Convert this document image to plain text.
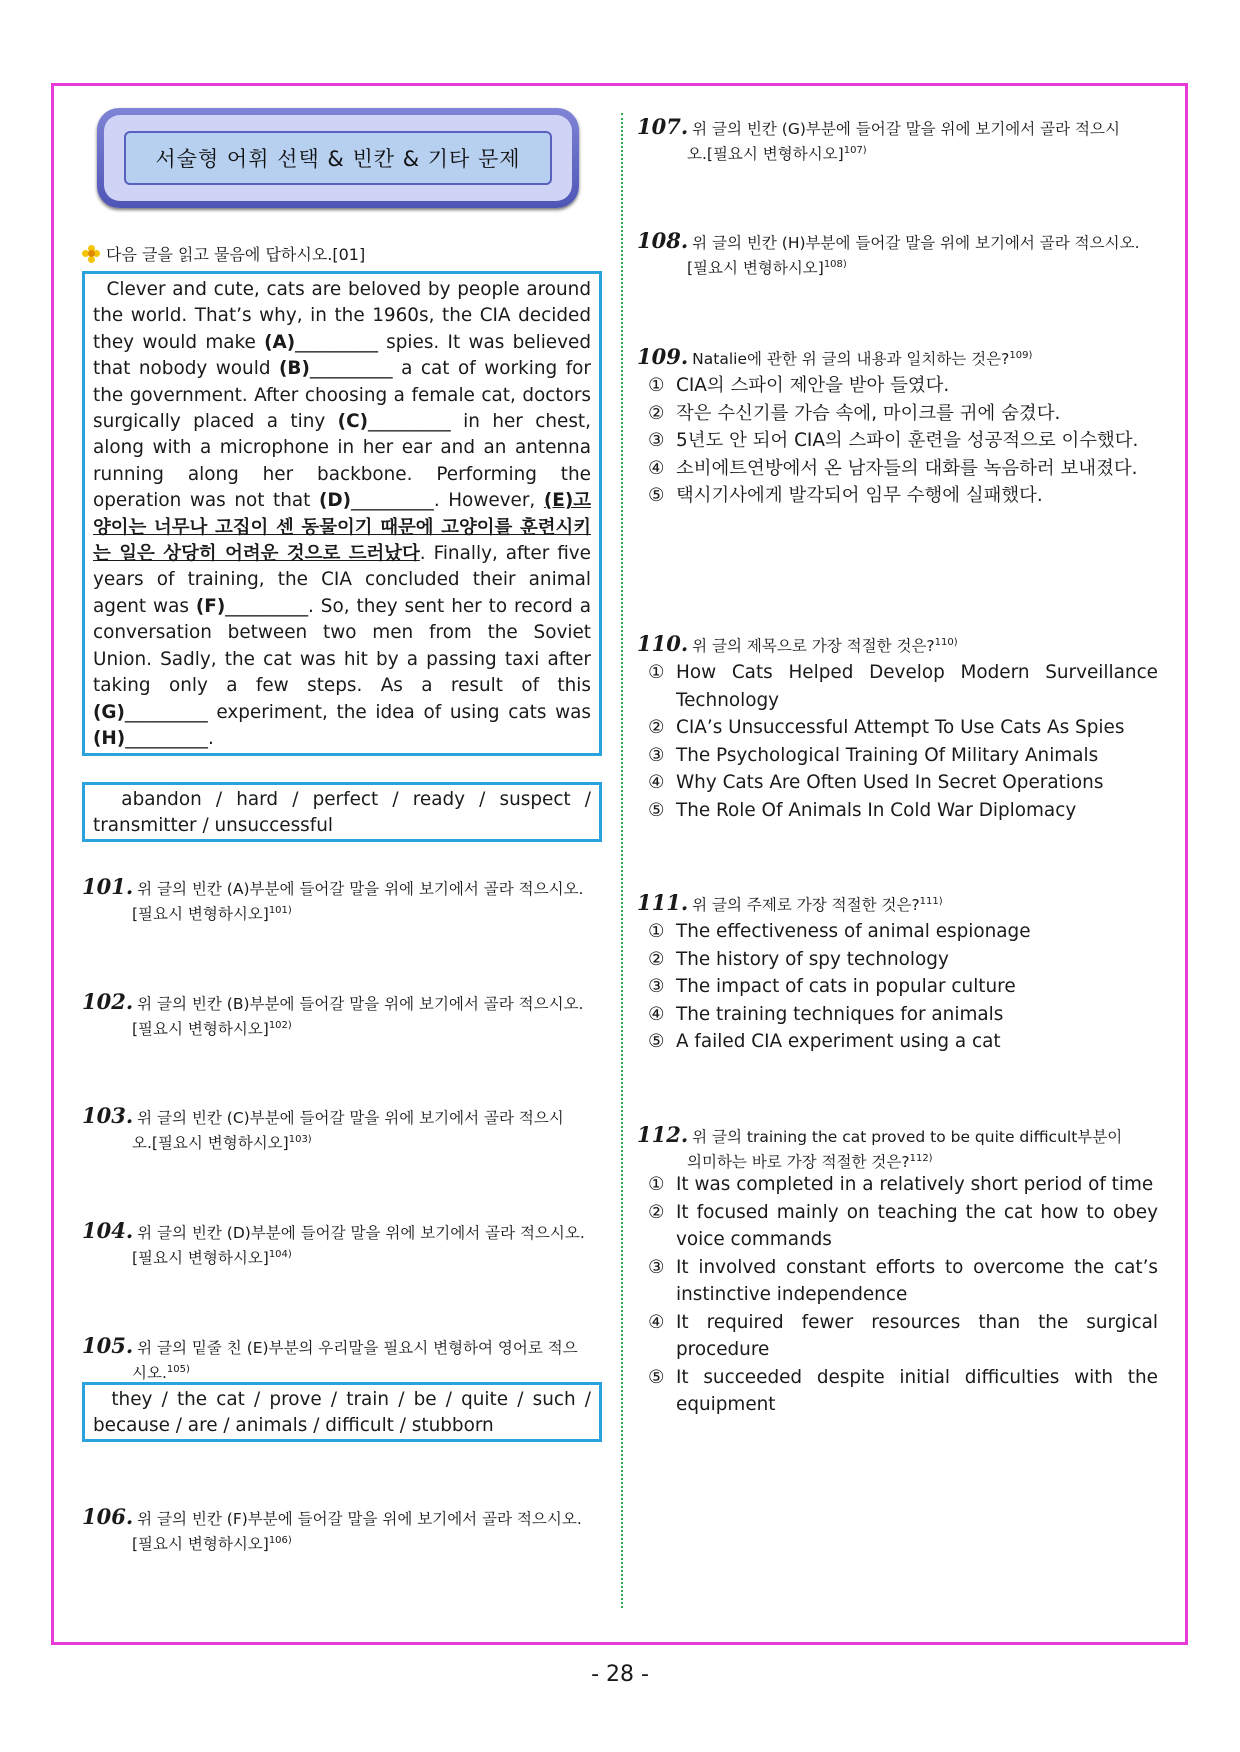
서술형 어휘 선택 & 빈칸 & 기타 문제
다음 글을 읽고 물음에 답하시오.[01]
Clever and cute, cats are beloved by people around the world. That’s why, in the 1960s, the CIA decided they would make (A)_________ spies. It was believed that nobody would (B)_________ a cat of working for the government. After choosing a female cat, doctors surgically placed a tiny (C)_________ in her chest, along with a microphone in her ear and an antenna running along her backbone. Performing the operation was not that (D)_________. However, (E)고양이는 너무나 고집이 센 동물이기 때문에 고양이를 훈련시키는 일은 상당히 어려운 것으로 드러났다. Finally, after five years of training, the CIA concluded their animal agent was (F)_________. So, they sent her to record a conversation between two men from the Soviet Union. Sadly, the cat was hit by a passing taxi after taking only a few steps. As a result of this (G)_________ experiment, the idea of using cats was (H)_________.
abandon / hard / perfect / ready / suspect / transmitter / unsuccessful
101. 위 글의 빈칸 (A)부분에 들어갈 말을 위에 보기에서 골라 적으시오.
[필요시 변형하시오]$^{101)}$
102. 위 글의 빈칸 (B)부분에 들어갈 말을 위에 보기에서 골라 적으시오.
[필요시 변형하시오]$^{102)}$
103. 위 글의 빈칸 (C)부분에 들어갈 말을 위에 보기에서 골라 적으시
오.[필요시 변형하시오]$^{103)}$
104. 위 글의 빈칸 (D)부분에 들어갈 말을 위에 보기에서 골라 적으시오.
[필요시 변형하시오]$^{104)}$
105. 위 글의 밑줄 친 (E)부분의 우리말을 필요시 변형하여 영어로 적으
시오.$^{105)}$
they / the cat / prove / train / be / quite / such / because / are / animals / difficult / stubborn
106. 위 글의 빈칸 (F)부분에 들어갈 말을 위에 보기에서 골라 적으시오.
[필요시 변형하시오]$^{106)}$
107. 위 글의 빈칸 (G)부분에 들어갈 말을 위에 보기에서 골라 적으시
오.[필요시 변형하시오]$^{107)}$
108. 위 글의 빈칸 (H)부분에 들어갈 말을 위에 보기에서 골라 적으시오.
[필요시 변형하시오]$^{108)}$
109. Natalie에 관한 위 글의 내용과 일치하는 것은?$^{109)}$
① CIA의 스파이 제안을 받아 들였다.
② 작은 수신기를 가슴 속에, 마이크를 귀에 숨겼다.
③ 5년도 안 되어 CIA의 스파이 훈련을 성공적으로 이수했다.
④ 소비에트연방에서 온 남자들의 대화를 녹음하러 보내졌다.
⑤ 택시기사에게 발각되어 임무 수행에 실패했다.
110. 위 글의 제목으로 가장 적절한 것은?$^{110)}$
① How Cats Helped Develop Modern Surveillance Technology
② CIA’s Unsuccessful Attempt To Use Cats As Spies
③ The Psychological Training Of Military Animals
④ Why Cats Are Often Used In Secret Operations
⑤ The Role Of Animals In Cold War Diplomacy
111. 위 글의 주제로 가장 적절한 것은?$^{111)}$
① The effectiveness of animal espionage
② The history of spy technology
③ The impact of cats in popular culture
④ The training techniques for animals
⑤ A failed CIA experiment using a cat
112. 위 글의 training the cat proved to be quite difficult부분이
의미하는 바로 가장 적절한 것은?$^{112)}$
① It was completed in a relatively short period of time
② It focused mainly on teaching the cat how to obey voice commands
③ It involved constant efforts to overcome the cat’s instinctive independence
④ It required fewer resources than the surgical procedure
⑤ It succeeded despite initial difficulties with the equipment
- 28 -
